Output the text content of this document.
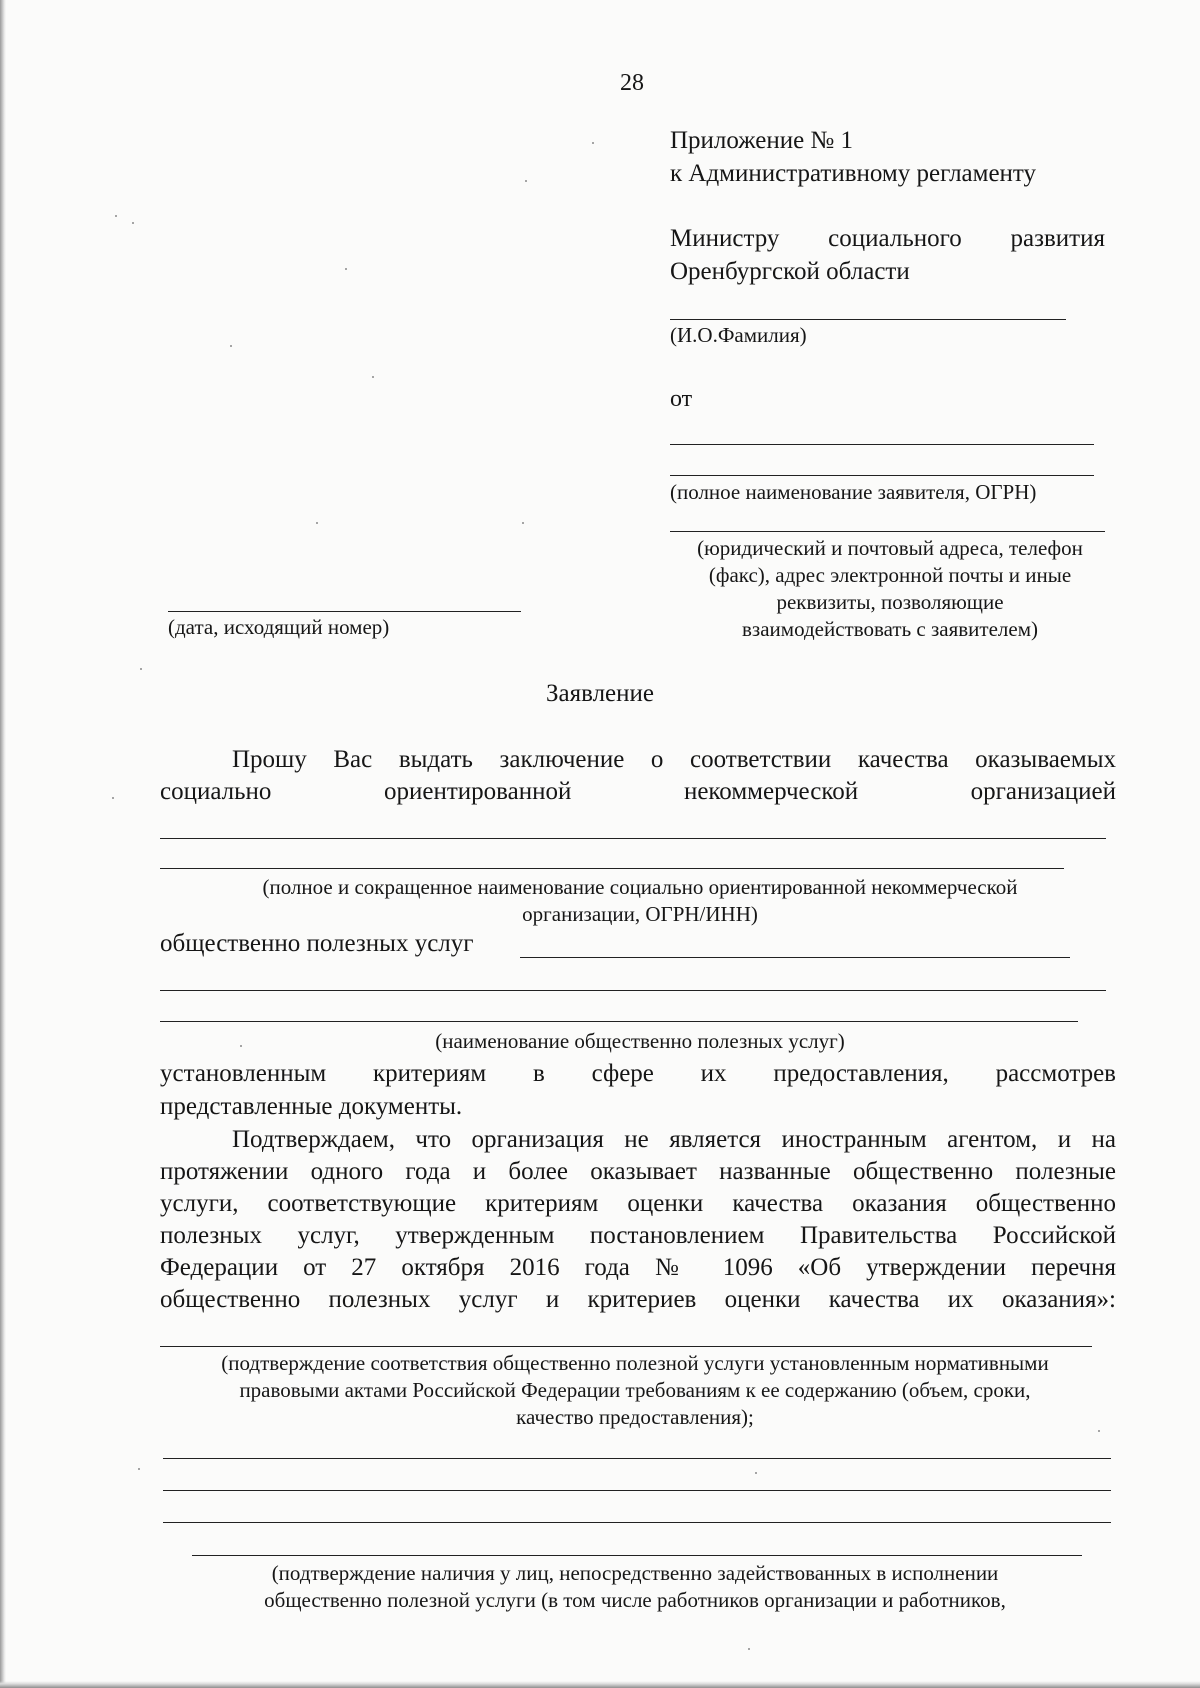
28
Приложение № 1
к Административному регламенту
Министру социального развития
Оренбургской области
(И.О.Фамилия)
от
(полное наименование заявителя, ОГРН)
(юридический и почтовый адреса, телефон
(факс), адрес электронной почты и иные
реквизиты, позволяющие
взаимодействовать с заявителем)
(дата, исходящий номер)
Заявление
Прошу Вас выдать заключение о соответствии качества оказываемых
социально ориентированной некоммерческой организацией
(полное и сокращенное наименование социально ориентированной некоммерческой
организации, ОГРН/ИНН)
общественно полезных услуг
(наименование общественно полезных услуг)
установленным критериям в сфере их предоставления, рассмотрев
представленные документы.
Подтверждаем, что организация не является иностранным агентом, и на
протяжении одного года и более оказывает названные общественно полезные
услуги, соответствующие критериям оценки качества оказания общественно
полезных услуг, утвержденным постановлением Правительства Российской
Федерации от 27 октября 2016 года № 1096 «Об утверждении перечня
общественно полезных услуг и критериев оценки качества их оказания»:
(подтверждение соответствия общественно полезной услуги установленным нормативными
правовыми актами Российской Федерации требованиям к ее содержанию (объем, сроки,
качество предоставления);
(подтверждение наличия у лиц, непосредственно задействованных в исполнении
общественно полезной услуги (в том числе работников организации и работников,
